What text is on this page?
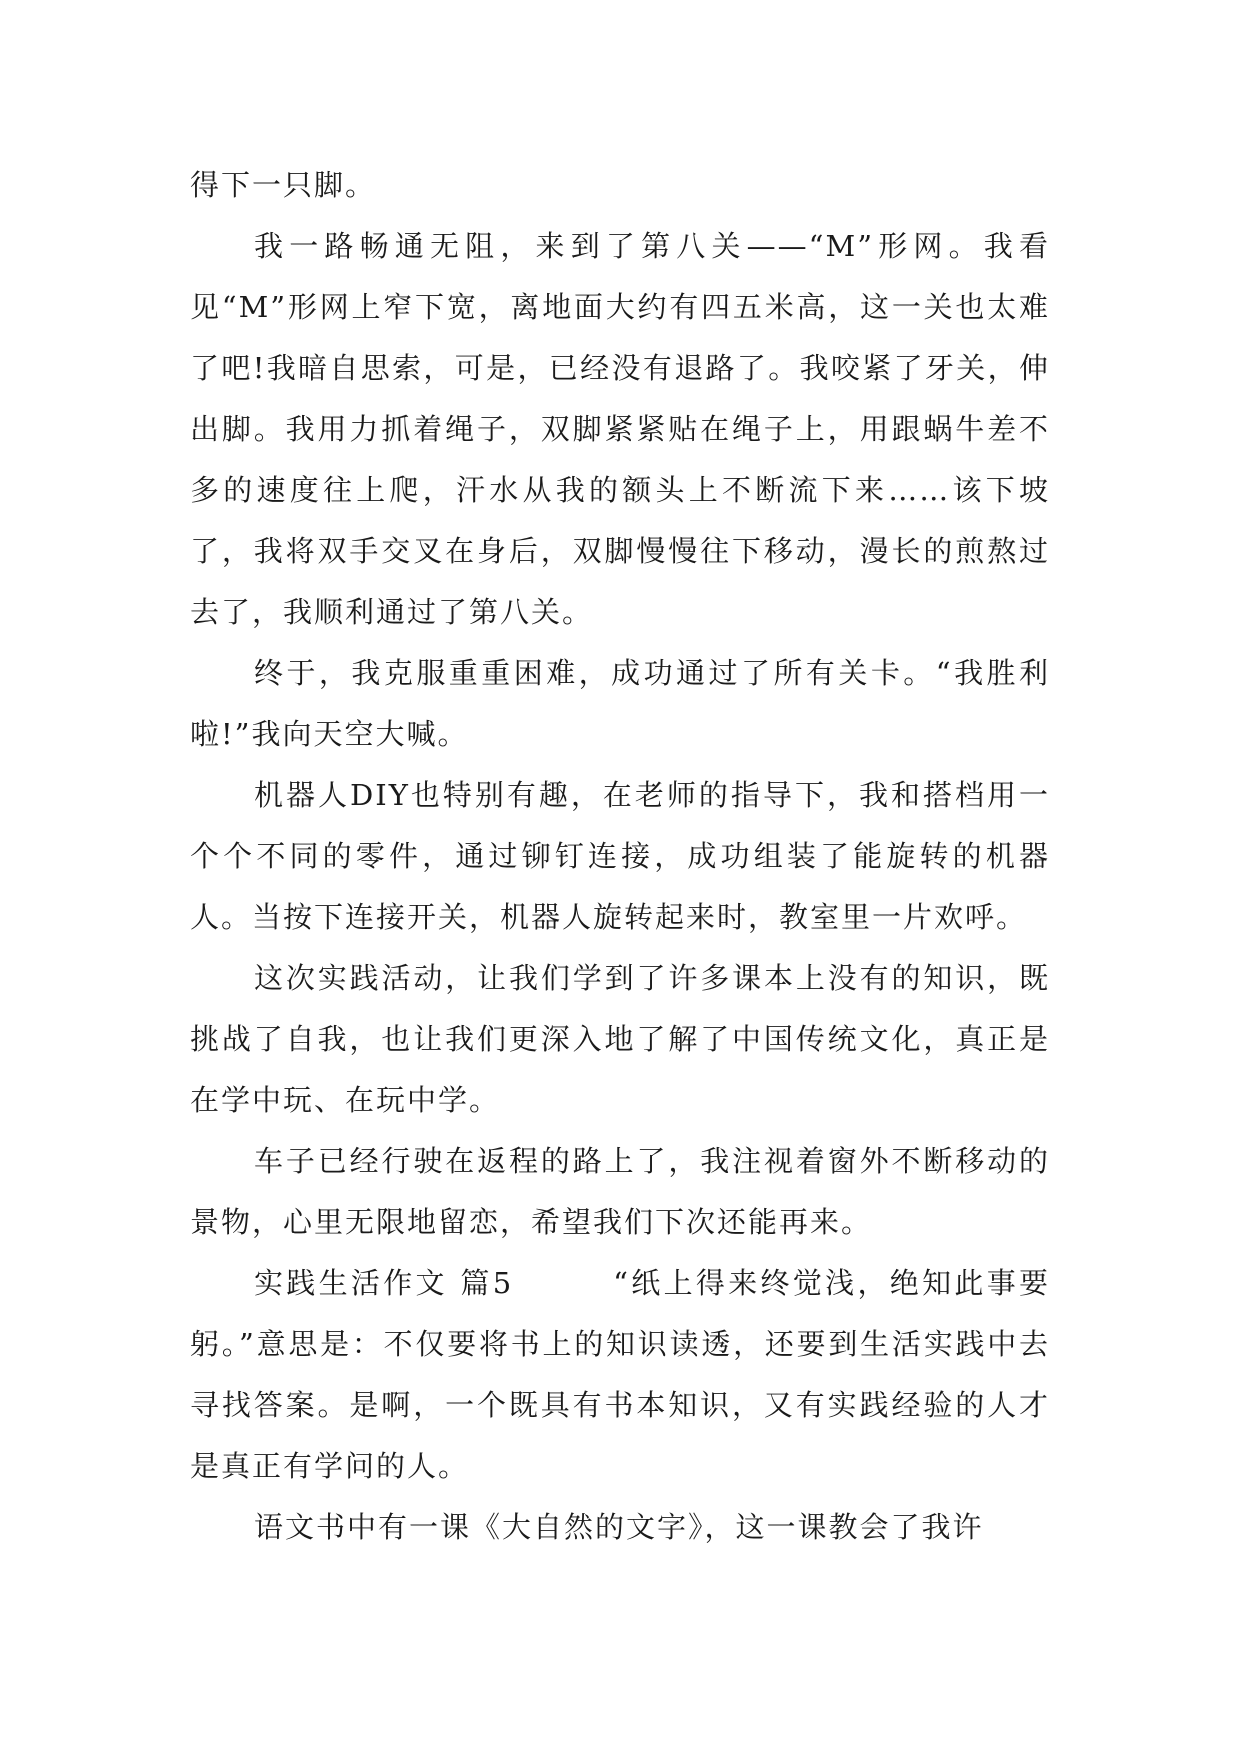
得下一只脚。

我一路畅通无阻，来到了第八关——“M”形网。我看见“M”形网上窄下宽，离地面大约有四五米高，这一关也太难了吧!我暗自思索，可是，已经没有退路了。我咬紧了牙关，伸出脚。我用力抓着绳子，双脚紧紧贴在绳子上，用跟蜗牛差不多的速度往上爬，汗水从我的额头上不断流下来……该下坡了，我将双手交叉在身后，双脚慢慢往下移动，漫长的煎熬过去了，我顺利通过了第八关。

终于，我克服重重困难，成功通过了所有关卡。“我胜利啦!”我向天空大喊。

机器人DIY也特别有趣，在老师的指导下，我和搭档用一个个不同的零件，通过铆钉连接，成功组装了能旋转的机器人。当按下连接开关，机器人旋转起来时，教室里一片欢呼。

这次实践活动，让我们学到了许多课本上没有的知识，既挑战了自我，也让我们更深入地了解了中国传统文化，真正是在学中玩、在玩中学。

车子已经行驶在返程的路上了，我注视着窗外不断移动的景物，心里无限地留恋，希望我们下次还能再来。

实践生活作文 篇5	“纸上得来终觉浅，绝知此事要躬。”意思是：不仅要将书上的知识读透，还要到生活实践中去寻找答案。是啊，一个既具有书本知识，又有实践经验的人才是真正有学问的人。

语文书中有一课《大自然的文字》，这一课教会了我许
